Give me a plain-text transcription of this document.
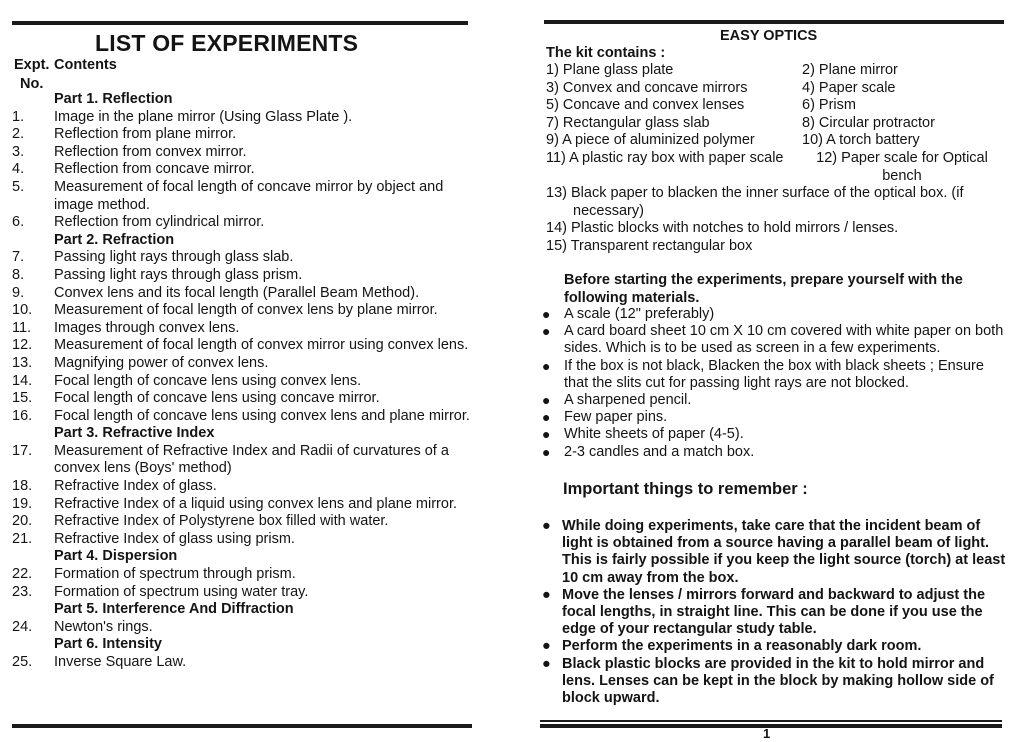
LIST OF EXPERIMENTS
Expt. Contents
No.
Part 1. Reflection
1.	Image in the plane mirror (Using Glass Plate ).
2.	Reflection from plane mirror.
3.	Reflection from convex mirror.
4.	Reflection from concave mirror.
5.	Measurement of focal length of concave mirror by object and image method.
6.	Reflection from cylindrical mirror.
Part 2. Refraction
7.	Passing light rays through glass slab.
8.	Passing light rays through glass prism.
9.	Convex lens and its focal length (Parallel Beam Method).
10.	Measurement of focal length of convex lens by plane mirror.
11.	Images through convex lens.
12.	Measurement of focal length of convex mirror using convex lens.
13.	Magnifying power of convex lens.
14.	Focal length of concave lens using convex lens.
15.	Focal length of concave lens using concave mirror.
16.	Focal length of concave lens using convex lens and plane mirror.
Part 3. Refractive Index
17.	Measurement of Refractive Index and Radii of curvatures of a convex lens (Boys' method)
18.	Refractive Index of glass.
19.	Refractive Index of a liquid using convex lens and plane mirror.
20.	Refractive Index of Polystyrene box filled with water.
21.	Refractive Index of glass using prism.
Part 4. Dispersion
22.	Formation of spectrum through prism.
23.	Formation of spectrum using water tray.
Part 5. Interference And Diffraction
24.	Newton's rings.
Part 6. Intensity
25.	Inverse Square Law.
EASY OPTICS
The kit contains :
1) Plane glass plate	2) Plane mirror
3) Convex and concave mirrors	4) Paper scale
5) Concave and convex lenses	6) Prism
7) Rectangular glass slab	8) Circular protractor
9) A piece of aluminized polymer	10) A torch battery
11) A plastic ray box with paper scale	12) Paper scale for Optical bench
13) Black paper to blacken the inner surface of the optical box. (if necessary)
14) Plastic blocks with notches to hold mirrors / lenses.
15) Transparent rectangular box
Before starting the experiments, prepare yourself with the following materials.
● A scale (12" preferably)
● A card board sheet 10 cm X 10 cm covered with white paper on both sides. Which is to be used as screen in a few experiments.
● If the box is not black, Blacken the box with black sheets ; Ensure that the slits cut for passing light rays are not blocked.
● A sharpened pencil.
● Few paper pins.
● White sheets of paper (4-5).
● 2-3 candles and a match box.
Important things to remember :
● While doing experiments, take care that the incident beam of light is obtained from a source having a parallel beam of light. This is fairly possible if you keep the light source (torch) at least 10 cm away from the box.
● Move the lenses / mirrors forward and backward to adjust the focal lengths, in straight line. This can be done if you use the edge of your rectangular study table.
● Perform the experiments in a reasonably dark room.
● Black plastic blocks are provided in the kit to hold mirror and lens. Lenses can be kept in the block by making hollow side of block upward.
1
